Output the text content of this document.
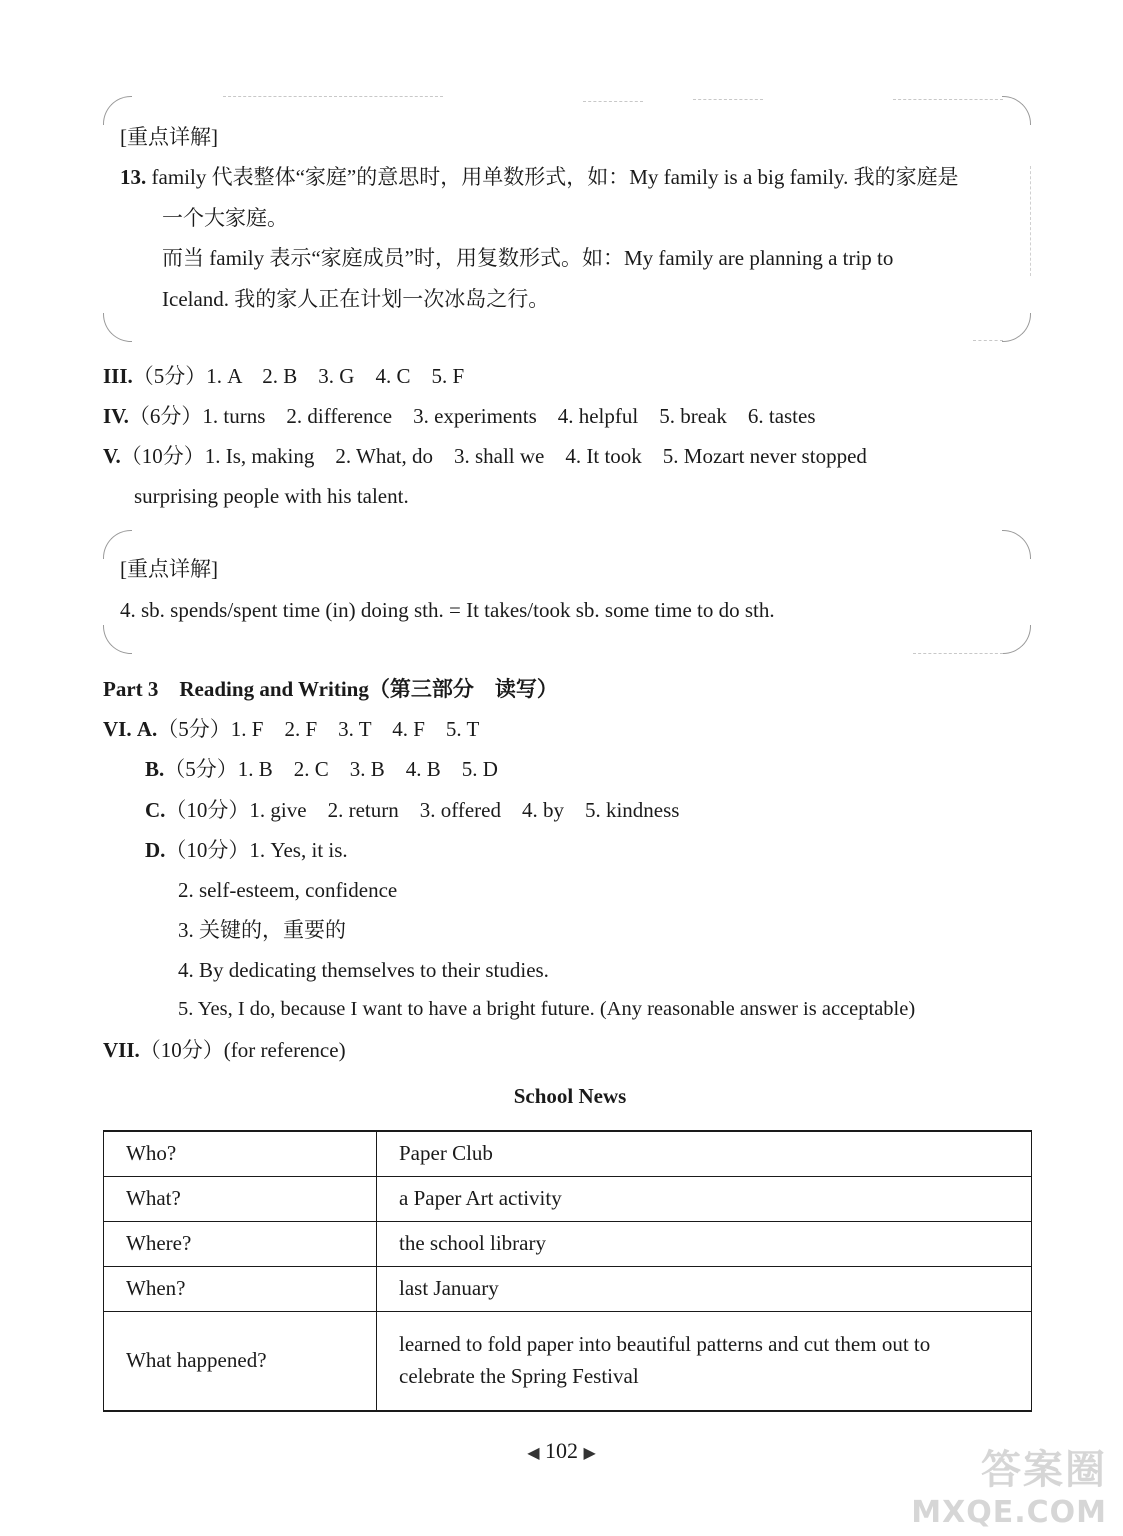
[重点详解]
13. family 代表整体“家庭”的意思时，用单数形式，如：My family is a big family. 我的家庭是
一个大家庭。
而当 family 表示“家庭成员”时，用复数形式。如：My family are planning a trip to
Iceland. 我的家人正在计划一次冰岛之行。
III.（5分）1. A　2. B　3. G　4. C　5. F
IV.（6分）1. turns　2. difference　3. experiments　4. helpful　5. break　6. tastes
V.（10分）1. Is, making　2. What, do　3. shall we　4. It took　5. Mozart never stopped
surprising people with his talent.
[重点详解]
4. sb. spends/spent time (in) doing sth. = It takes/took sb. some time to do sth.
Part 3　Reading and Writing（第三部分　读写）
VI. A.（5分）1. F　2. F　3. T　4. F　5. T
B.（5分）1. B　2. C　3. B　4. B　5. D
C.（10分）1. give　2. return　3. offered　4. by　5. kindness
D.（10分）1. Yes, it is.
2. self-esteem, confidence
3. 关键的，重要的
4. By dedicating themselves to their studies.
5. Yes, I do, because I want to have a bright future. (Any reasonable answer is acceptable)
VII.（10分）(for reference)
School News
Who?	Paper Club
What?	a Paper Art activity
Where?	the school library
When?	last January
What happened?	learned to fold paper into beautiful patterns and cut them out to celebrate the Spring Festival
◀ 102 ▶	答案圈
MXQE.COM
